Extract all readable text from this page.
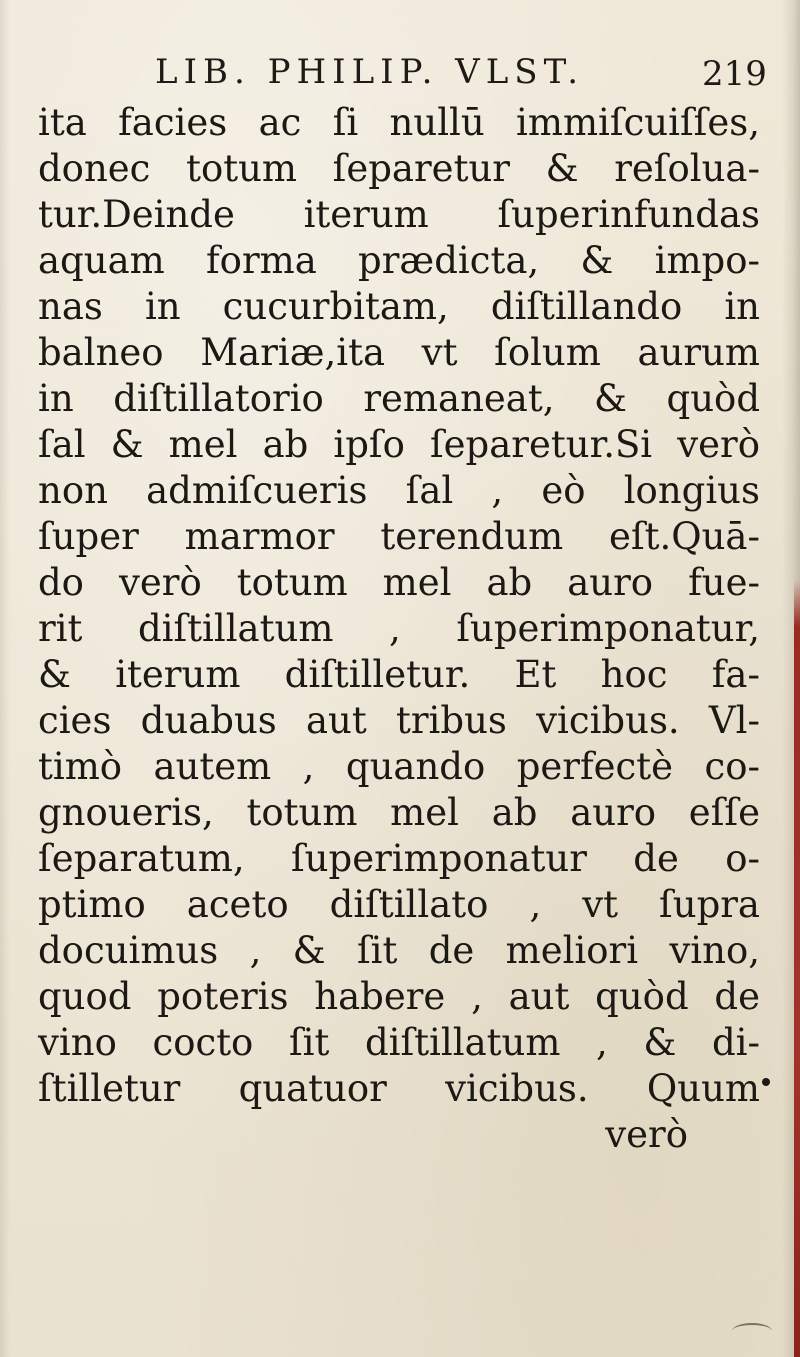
LIB. PHILIP. VLST.	219
ita facies ac ſi nullū immiſcuiſſes,
donec totum ſeparetur & reſolua-
tur.Deinde iterum ſuperinfundas
aquam forma prædicta, & impo-
nas in cucurbitam, diſtillando in
balneo Mariæ,ita vt ſolum aurum
in diſtillatorio remaneat, & quòd
ſal & mel ab ipſo ſeparetur.Si verò
non admiſcueris ſal , eò longius
ſuper marmor terendum eſt.Quā-
do verò totum mel ab auro fue-
rit diſtillatum , ſuperimponatur,
& iterum diſtilletur. Et hoc fa-
cies duabus aut tribus vicibus. Vl-
timò autem , quando perfectè co-
gnoueris, totum mel ab auro eſſe
ſeparatum, ſuperimponatur de o-
ptimo aceto diſtillato , vt ſupra
docuimus , & ſit de meliori vino,
quod poteris habere , aut quòd de
vino cocto ſit diſtillatum , & di-
ſtilletur quatuor vicibus. Quum
verò
